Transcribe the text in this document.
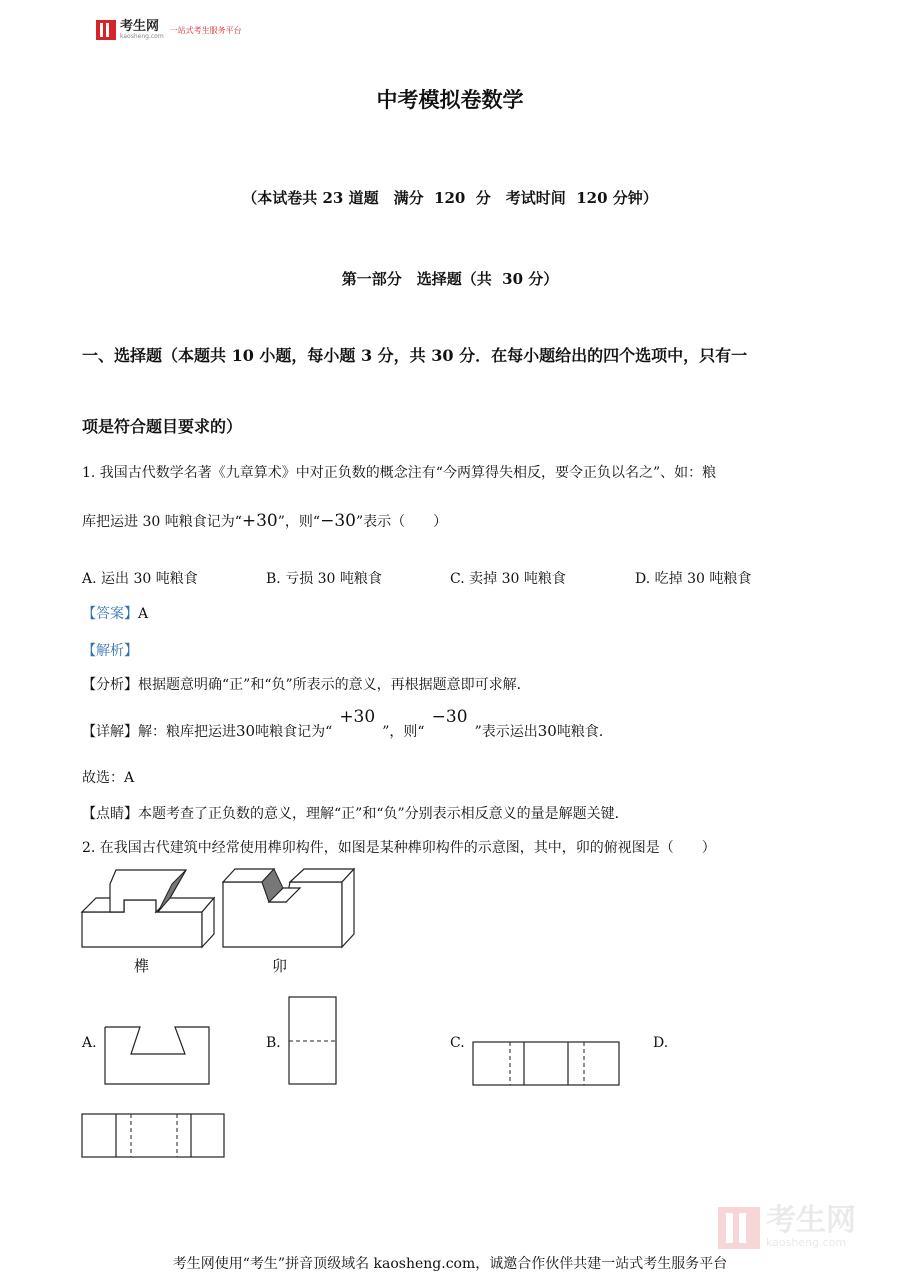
考生网
kaosheng.com
一站式考生服务平台
中考模拟卷数学
（本试卷共 23 道题　满分  120  分　考试时间  120 分钟）
第一部分　选择题（共  30 分）
一、选择题（本题共 10 小题，每小题 3 分，共 30 分．在每小题给出的四个选项中，只有一
项是符合题目要求的）
1. 我国古代数学名著《九章算术》中对正负数的概念注有“今两算得失相反，要令正负以名之”、如：粮
库把运进 30 吨粮食记为“+30”，则“−30”表示（　　）
A. 运出 30 吨粮食	B. 亏损 30 吨粮食	C. 卖掉 30 吨粮食	D. 吃掉 30 吨粮食
【答案】A
【解析】
【分析】根据题意明确“正”和“负”所表示的意义，再根据题意即可求解．
【详解】解：粮库把运进30吨粮食记为“+30”，则“−30”表示运出30吨粮食．
故选：A
【点睛】本题考查了正负数的意义，理解“正”和“负”分别表示相反意义的量是解题关键．
2. 在我国古代建筑中经常使用榫卯构件，如图是某种榫卯构件的示意图，其中，卯的俯视图是（　　）
榫	卯
A.	B.	C.	D.
考生网
kaosheng.com
考生网使用“考生”拼音顶级域名 kaosheng.com，诚邀合作伙伴共建一站式考生服务平台
